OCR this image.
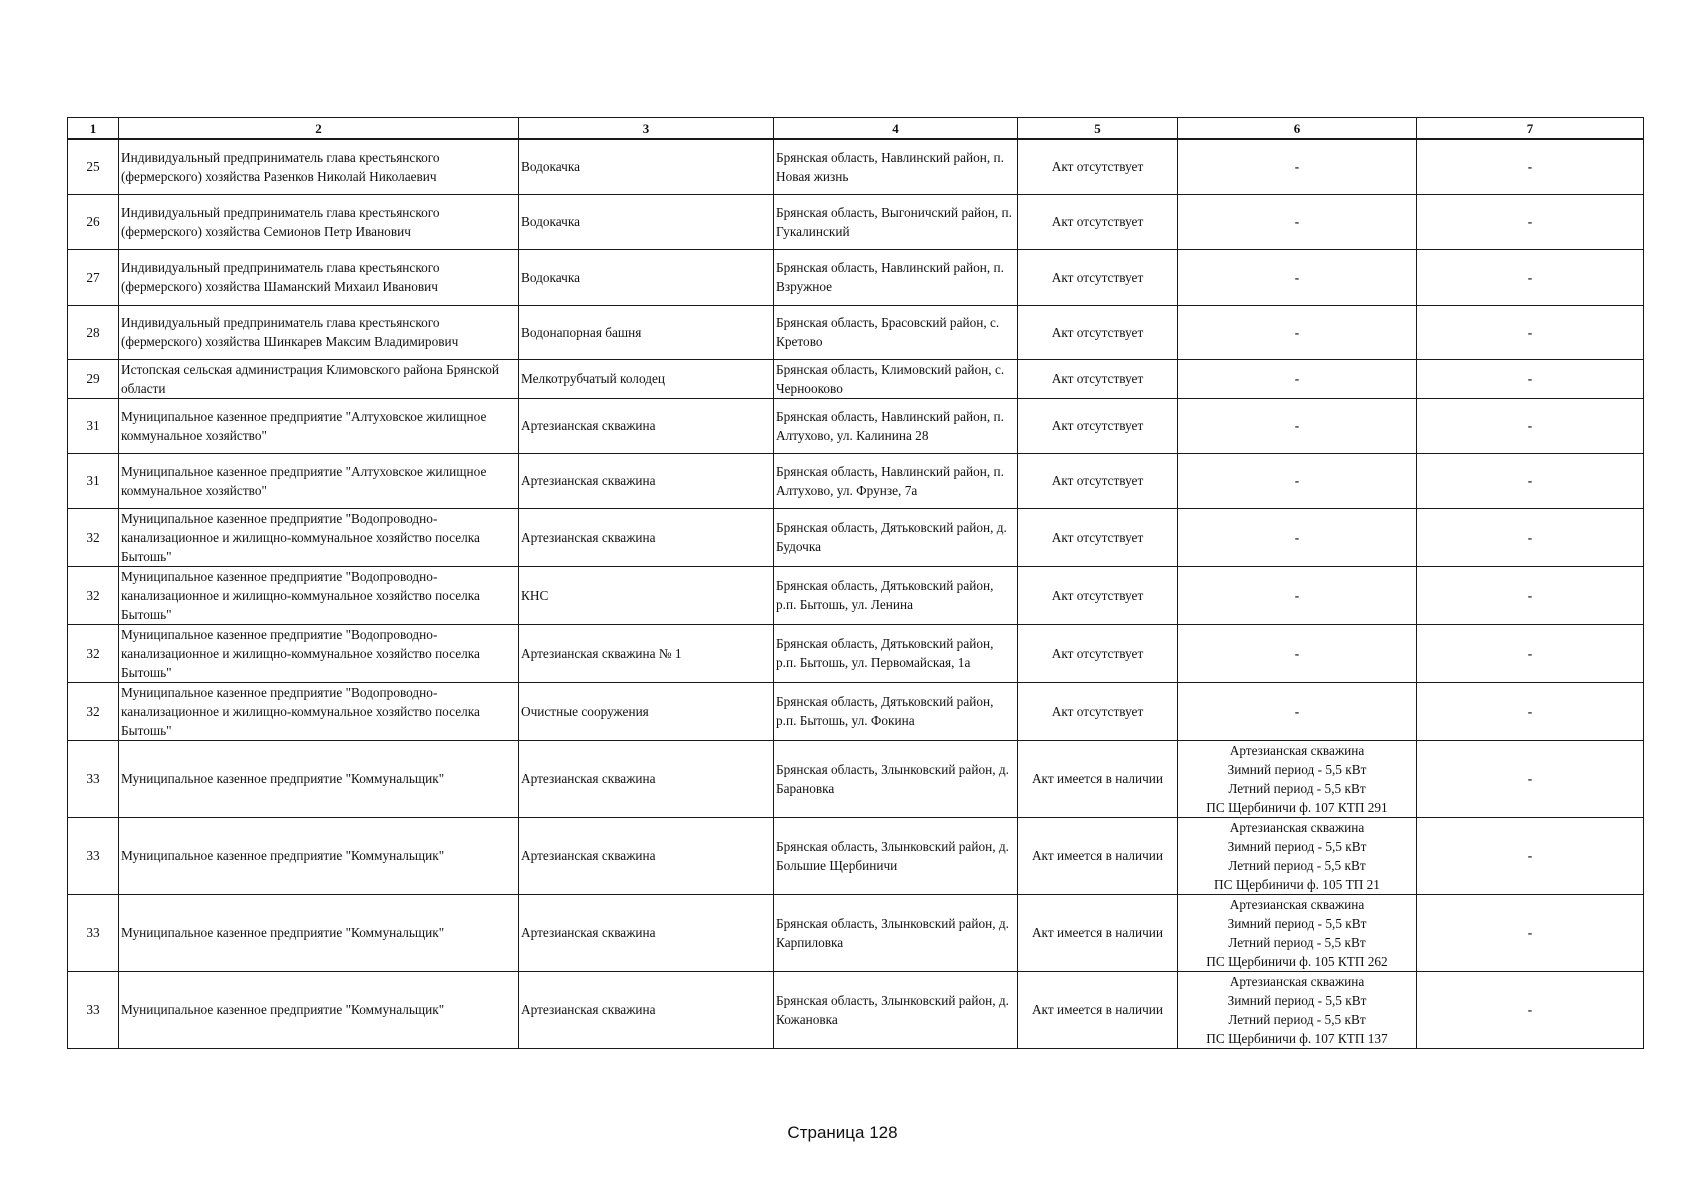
1	2	3	4	5	6	7
25	Индивидуальный предприниматель глава крестьянского (фермерского) хозяйства Разенков Николай Николаевич	Водокачка	Брянская область, Навлинский район, п. Новая жизнь	Акт отсутствует	-	-
26	Индивидуальный предприниматель глава крестьянского (фермерского) хозяйства Семионов Петр Иванович	Водокачка	Брянская область, Выгоничский район, п. Гукалинский	Акт отсутствует	-	-
27	Индивидуальный предприниматель глава крестьянского (фермерского) хозяйства Шаманский Михаил Иванович	Водокачка	Брянская область, Навлинский район, п. Взружное	Акт отсутствует	-	-
28	Индивидуальный предприниматель глава крестьянского (фермерского) хозяйства Шинкарев Максим Владимирович	Водонапорная башня	Брянская область, Брасовский район, с. Кретово	Акт отсутствует	-	-
29	Истопская сельская администрация Климовского района Брянской области	Мелкотрубчатый колодец	Брянская область, Климовский район, с. Чернооково	Акт отсутствует	-	-
31	Муниципальное казенное предприятие "Алтуховское жилищное коммунальное хозяйство"	Артезианская скважина	Брянская область, Навлинский район, п. Алтухово, ул. Калинина 28	Акт отсутствует	-	-
31	Муниципальное казенное предприятие "Алтуховское жилищное коммунальное хозяйство"	Артезианская скважина	Брянская область, Навлинский район, п. Алтухово, ул. Фрунзе, 7а	Акт отсутствует	-	-
32	Муниципальное казенное предприятие "Водопроводно-канализационное и жилищно-коммунальное хозяйство поселка Бытошь"	Артезианская скважина	Брянская область, Дятьковский район, д. Будочка	Акт отсутствует	-	-
32	Муниципальное казенное предприятие "Водопроводно-канализационное и жилищно-коммунальное хозяйство поселка Бытошь"	КНС	Брянская область, Дятьковский район, р.п. Бытошь, ул. Ленина	Акт отсутствует	-	-
32	Муниципальное казенное предприятие "Водопроводно-канализационное и жилищно-коммунальное хозяйство поселка Бытошь"	Артезианская скважина № 1	Брянская область, Дятьковский район, р.п. Бытошь, ул. Первомайская, 1а	Акт отсутствует	-	-
32	Муниципальное казенное предприятие "Водопроводно-канализационное и жилищно-коммунальное хозяйство поселка Бытошь"	Очистные сооружения	Брянская область, Дятьковский район, р.п. Бытошь, ул. Фокина	Акт отсутствует	-	-
33	Муниципальное казенное предприятие "Коммунальщик"	Артезианская скважина	Брянская область, Злынковский район, д. Барановка	Акт имеется в наличии	Артезианская скважина
Зимний период - 5,5 кВт
Летний период - 5,5 кВт
ПС Щербиничи ф. 107 КТП 291	-
33	Муниципальное казенное предприятие "Коммунальщик"	Артезианская скважина	Брянская область, Злынковский район, д. Большие Щербиничи	Акт имеется в наличии	Артезианская скважина
Зимний период - 5,5 кВт
Летний период - 5,5 кВт
ПС Щербиничи ф. 105 ТП 21	-
33	Муниципальное казенное предприятие "Коммунальщик"	Артезианская скважина	Брянская область, Злынковский район, д. Карпиловка	Акт имеется в наличии	Артезианская скважина
Зимний период - 5,5 кВт
Летний период - 5,5 кВт
ПС Щербиничи ф. 105 КТП 262	-
33	Муниципальное казенное предприятие "Коммунальщик"	Артезианская скважина	Брянская область, Злынковский район, д. Кожановка	Акт имеется в наличии	Артезианская скважина
Зимний период - 5,5 кВт
Летний период - 5,5 кВт
ПС Щербиничи ф. 107 КТП 137	-
Страница 128
